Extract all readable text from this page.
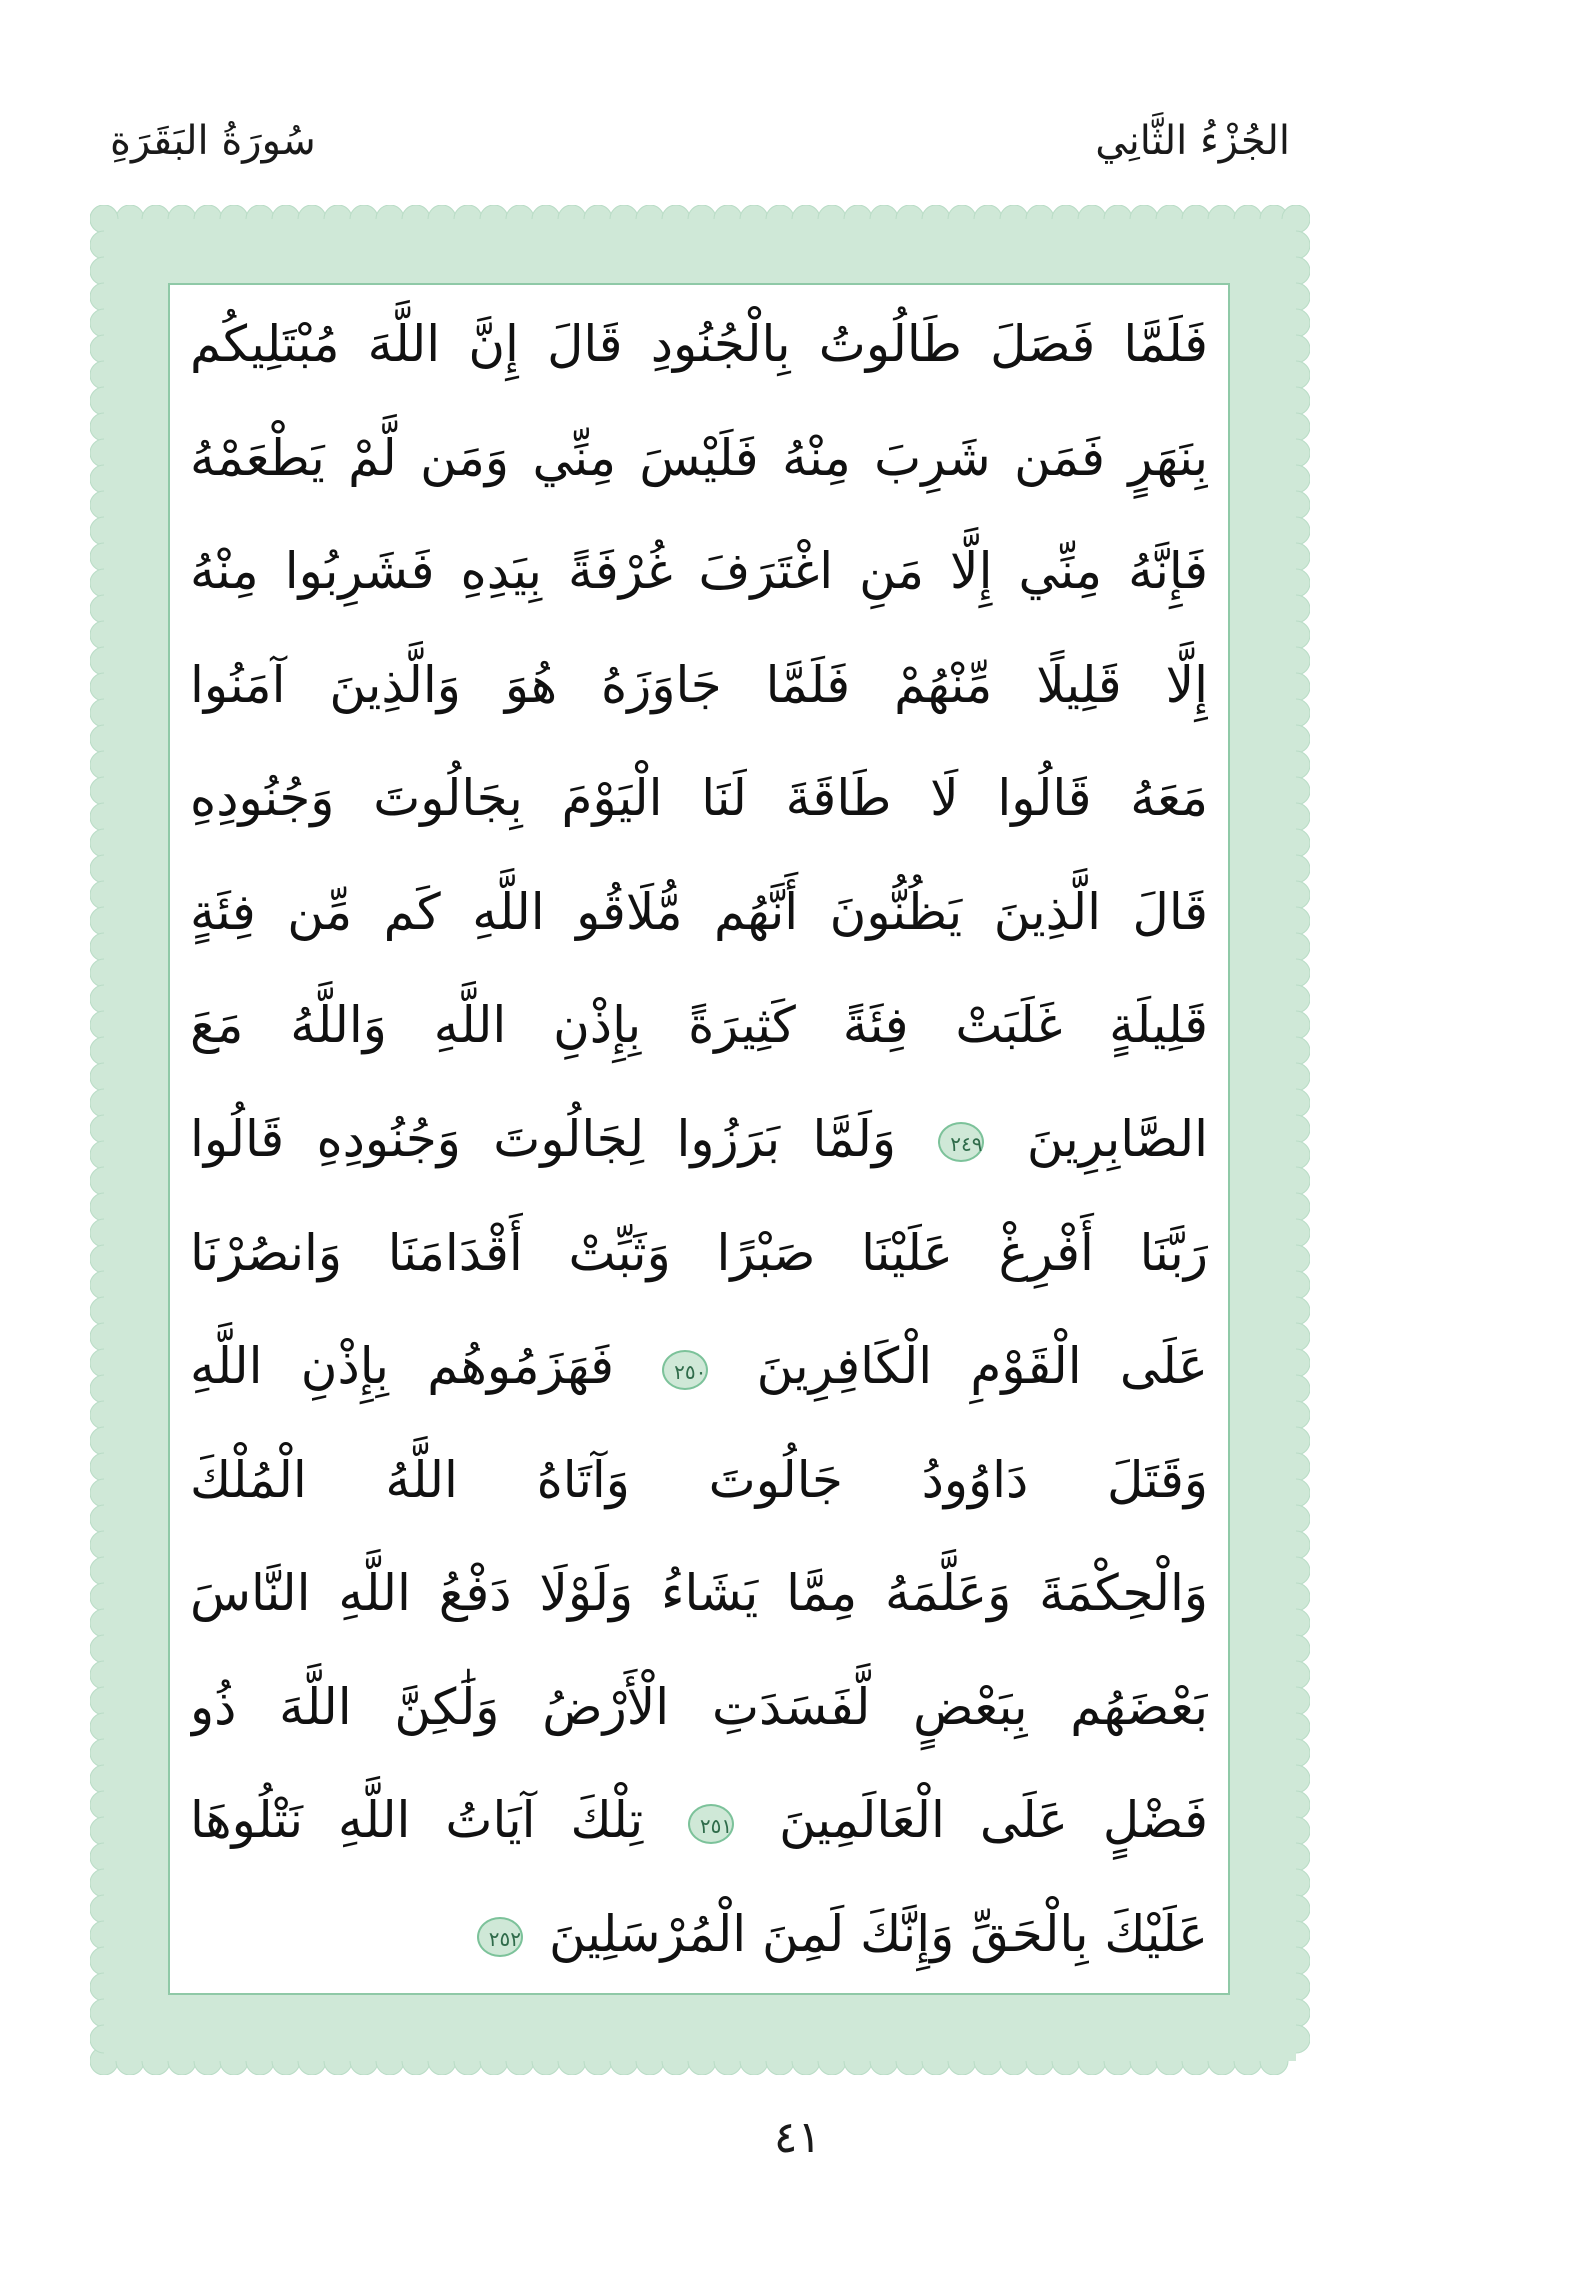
سُورَةُ البَقَرَةِ	الجُزْءُ الثَّانِي
فَلَمَّا فَصَلَ طَالُوتُ بِالْجُنُودِ قَالَ إِنَّ اللَّهَ مُبْتَلِيكُم
بِنَهَرٍ فَمَن شَرِبَ مِنْهُ فَلَيْسَ مِنِّي وَمَن لَّمْ يَطْعَمْهُ
فَإِنَّهُ مِنِّي إِلَّا مَنِ اغْتَرَفَ غُرْفَةً بِيَدِهِ فَشَرِبُوا مِنْهُ
إِلَّا قَلِيلًا مِّنْهُمْ فَلَمَّا جَاوَزَهُ هُوَ وَالَّذِينَ آمَنُوا
مَعَهُ قَالُوا لَا طَاقَةَ لَنَا الْيَوْمَ بِجَالُوتَ وَجُنُودِهِ
قَالَ الَّذِينَ يَظُنُّونَ أَنَّهُم مُّلَاقُو اللَّهِ كَم مِّن فِئَةٍ
قَلِيلَةٍ غَلَبَتْ فِئَةً كَثِيرَةً بِإِذْنِ اللَّهِ وَاللَّهُ مَعَ
الصَّابِرِينَ ٢٤٩ وَلَمَّا بَرَزُوا لِجَالُوتَ وَجُنُودِهِ قَالُوا
رَبَّنَا أَفْرِغْ عَلَيْنَا صَبْرًا وَثَبِّتْ أَقْدَامَنَا وَانصُرْنَا
عَلَى الْقَوْمِ الْكَافِرِينَ ٢٥٠ فَهَزَمُوهُم بِإِذْنِ اللَّهِ
وَقَتَلَ دَاوُودُ جَالُوتَ وَآتَاهُ اللَّهُ الْمُلْكَ
وَالْحِكْمَةَ وَعَلَّمَهُ مِمَّا يَشَاءُ وَلَوْلَا دَفْعُ اللَّهِ النَّاسَ
بَعْضَهُم بِبَعْضٍ لَّفَسَدَتِ الْأَرْضُ وَلَٰكِنَّ اللَّهَ ذُو
فَضْلٍ عَلَى الْعَالَمِينَ ٢٥١ تِلْكَ آيَاتُ اللَّهِ نَتْلُوهَا
عَلَيْكَ بِالْحَقِّ وَإِنَّكَ لَمِنَ الْمُرْسَلِينَ ٢٥٢
٤١
